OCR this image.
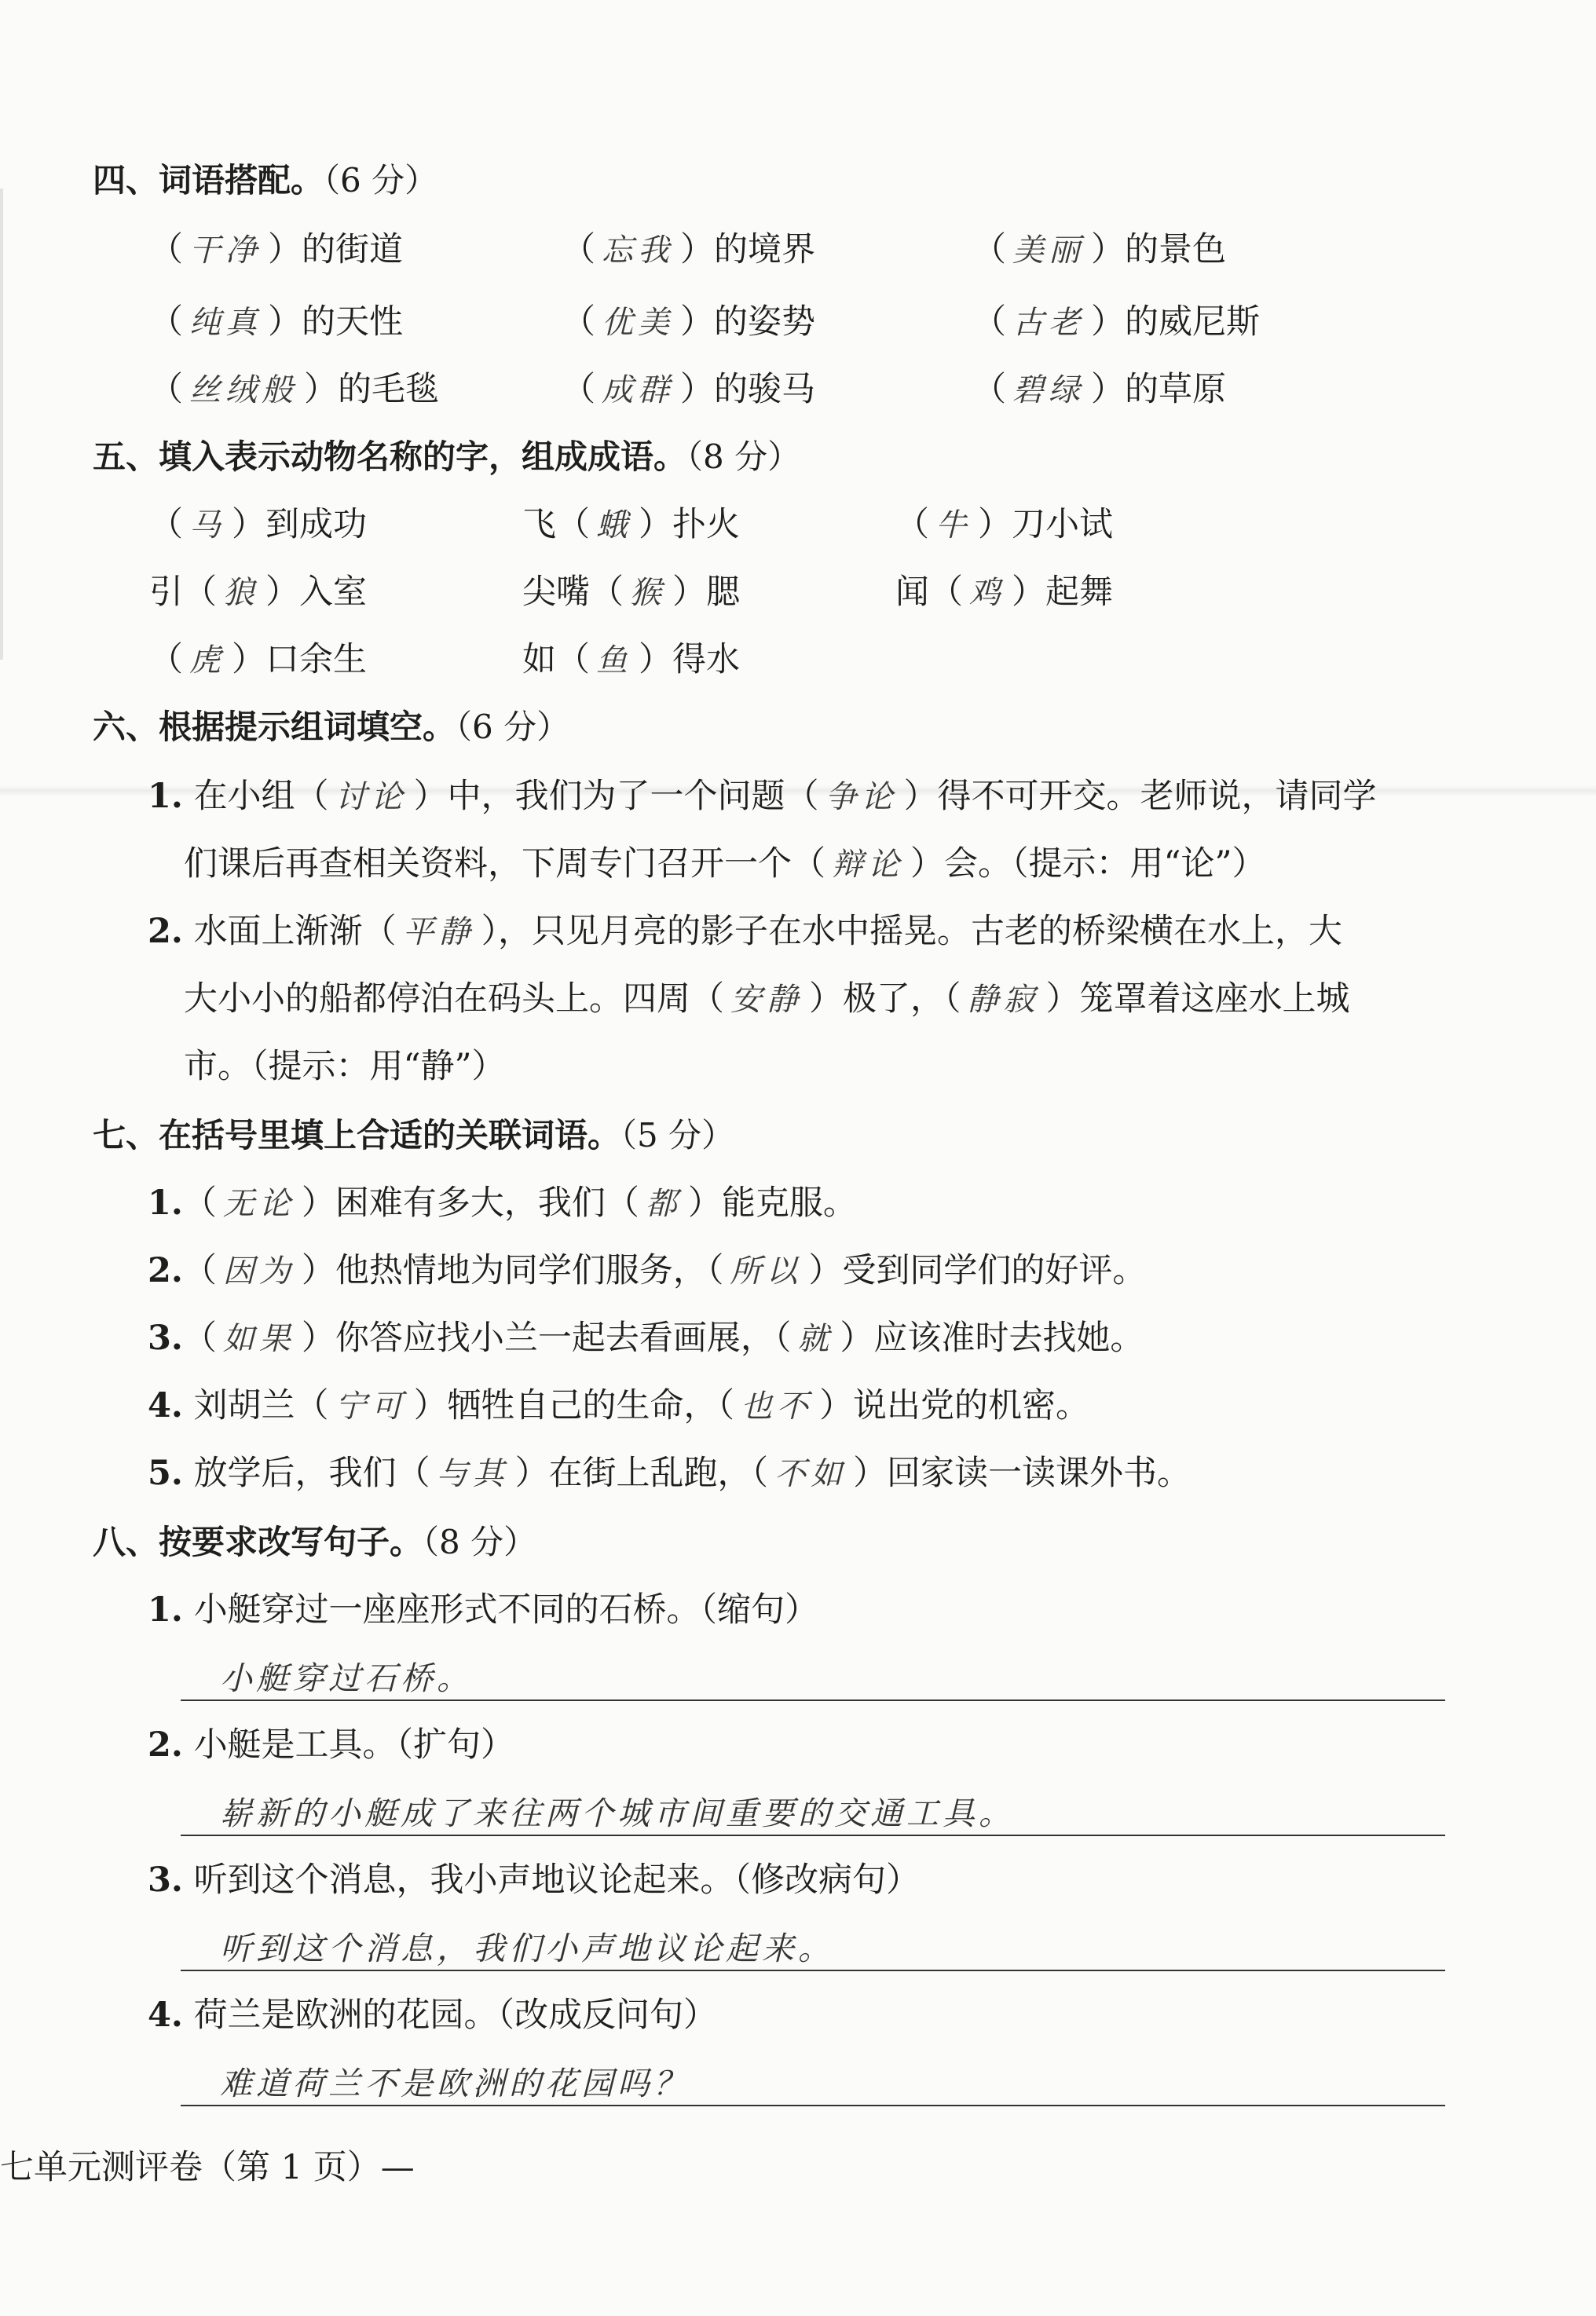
四、词语搭配。（6 分）
（ 干净 ）的街道	（ 忘我 ）的境界	（ 美丽 ）的景色
（ 纯真 ）的天性	（ 优美 ）的姿势	（ 古老 ）的威尼斯
（ 丝绒般 ）的毛毯	（ 成群 ）的骏马	（ 碧绿 ）的草原
五、填入表示动物名称的字，组成成语。（8 分）
（ 马 ）到成功	飞（ 蛾 ）扑火	（ 牛 ）刀小试
引（ 狼 ）入室	尖嘴（ 猴 ）腮	闻（ 鸡 ）起舞
（ 虎 ）口余生	如（ 鱼 ）得水
六、根据提示组词填空。（6 分）
1. 在小组（ 讨论 ）中，我们为了一个问题（ 争论 ）得不可开交。老师说，请同学
们课后再查相关资料，下周专门召开一个（ 辩论 ）会。（提示：用“论”）
2. 水面上渐渐（ 平静 ），只见月亮的影子在水中摇晃。古老的桥梁横在水上，大
大小小的船都停泊在码头上。四周（ 安静 ）极了，（ 静寂 ）笼罩着这座水上城
市。（提示：用“静”）
七、在括号里填上合适的关联词语。（5 分）
1.（ 无论 ）困难有多大，我们（ 都 ）能克服。
2.（ 因为 ）他热情地为同学们服务，（ 所以 ）受到同学们的好评。
3.（ 如果 ）你答应找小兰一起去看画展，（ 就 ）应该准时去找她。
4. 刘胡兰（ 宁可 ）牺牲自己的生命，（ 也不 ）说出党的机密。
5. 放学后，我们（ 与其 ）在街上乱跑，（ 不如 ）回家读一读课外书。
八、按要求改写句子。（8 分）
1. 小艇穿过一座座形式不同的石桥。（缩句）
小艇穿过石桥。
2. 小艇是工具。（扩句）
崭新的小艇成了来往两个城市间重要的交通工具。
3. 听到这个消息，我小声地议论起来。（修改病句）
听到这个消息，我们小声地议论起来。
4. 荷兰是欧洲的花园。（改成反问句）
难道荷兰不是欧洲的花园吗？
七单元测评卷（第 1 页）—
